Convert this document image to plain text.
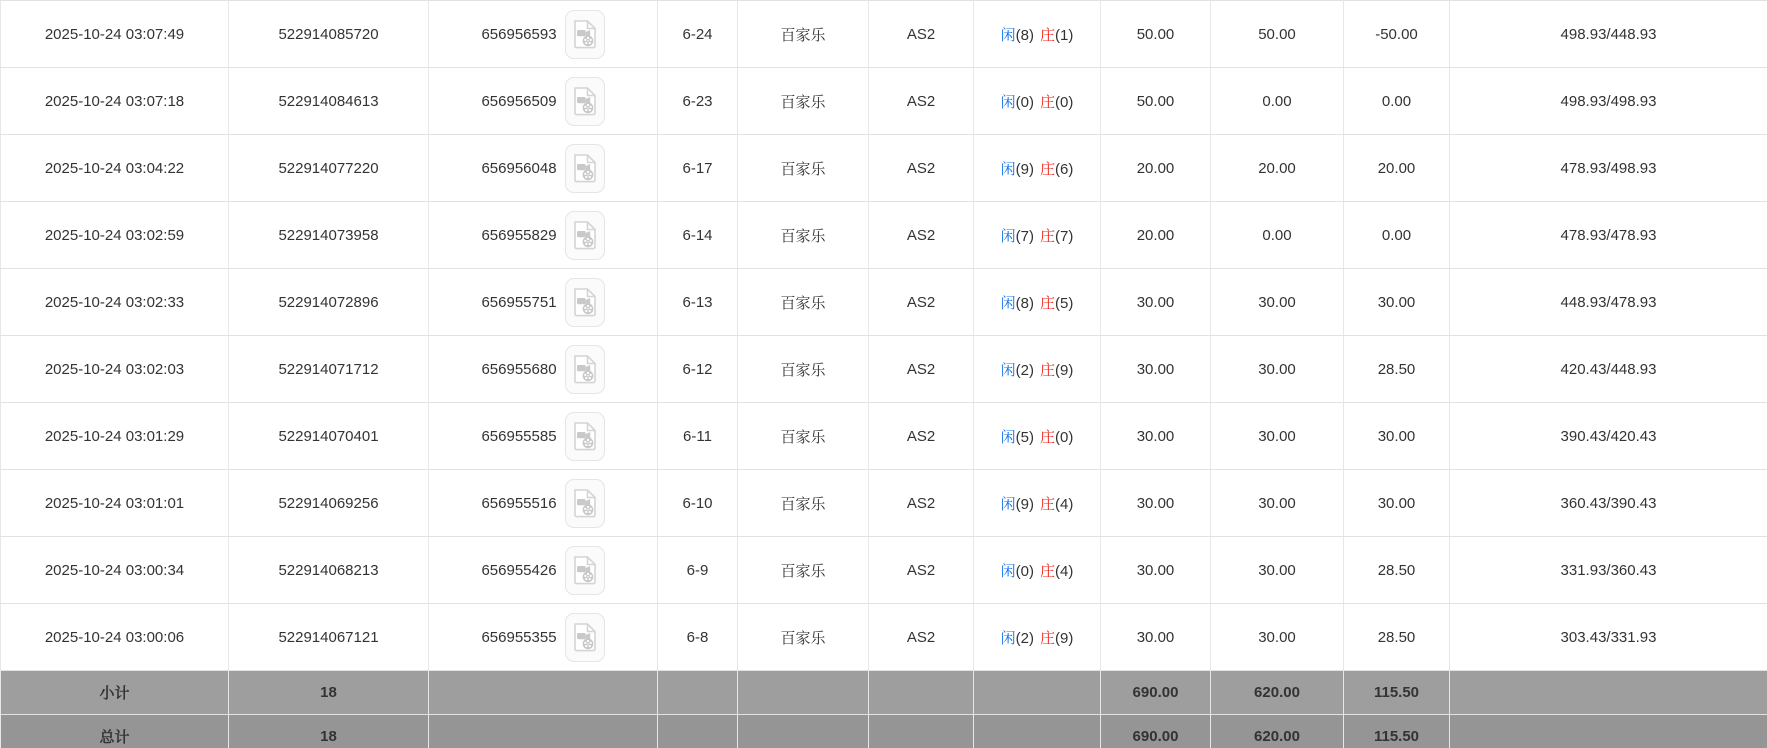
2025-10-24 03:07:49	522914085720	656956593	6-24	百家乐	AS2	闲(8) 庄(1)	50.00	50.00	-50.00	498.93/448.93
2025-10-24 03:07:18	522914084613	656956509	6-23	百家乐	AS2	闲(0) 庄(0)	50.00	0.00	0.00	498.93/498.93
2025-10-24 03:04:22	522914077220	656956048	6-17	百家乐	AS2	闲(9) 庄(6)	20.00	20.00	20.00	478.93/498.93
2025-10-24 03:02:59	522914073958	656955829	6-14	百家乐	AS2	闲(7) 庄(7)	20.00	0.00	0.00	478.93/478.93
2025-10-24 03:02:33	522914072896	656955751	6-13	百家乐	AS2	闲(8) 庄(5)	30.00	30.00	30.00	448.93/478.93
2025-10-24 03:02:03	522914071712	656955680	6-12	百家乐	AS2	闲(2) 庄(9)	30.00	30.00	28.50	420.43/448.93
2025-10-24 03:01:29	522914070401	656955585	6-11	百家乐	AS2	闲(5) 庄(0)	30.00	30.00	30.00	390.43/420.43
2025-10-24 03:01:01	522914069256	656955516	6-10	百家乐	AS2	闲(9) 庄(4)	30.00	30.00	30.00	360.43/390.43
2025-10-24 03:00:34	522914068213	656955426	6-9	百家乐	AS2	闲(0) 庄(4)	30.00	30.00	28.50	331.93/360.43
2025-10-24 03:00:06	522914067121	656955355	6-8	百家乐	AS2	闲(2) 庄(9)	30.00	30.00	28.50	303.43/331.93
小计	18						690.00	620.00	115.50	
总计	18						690.00	620.00	115.50	
